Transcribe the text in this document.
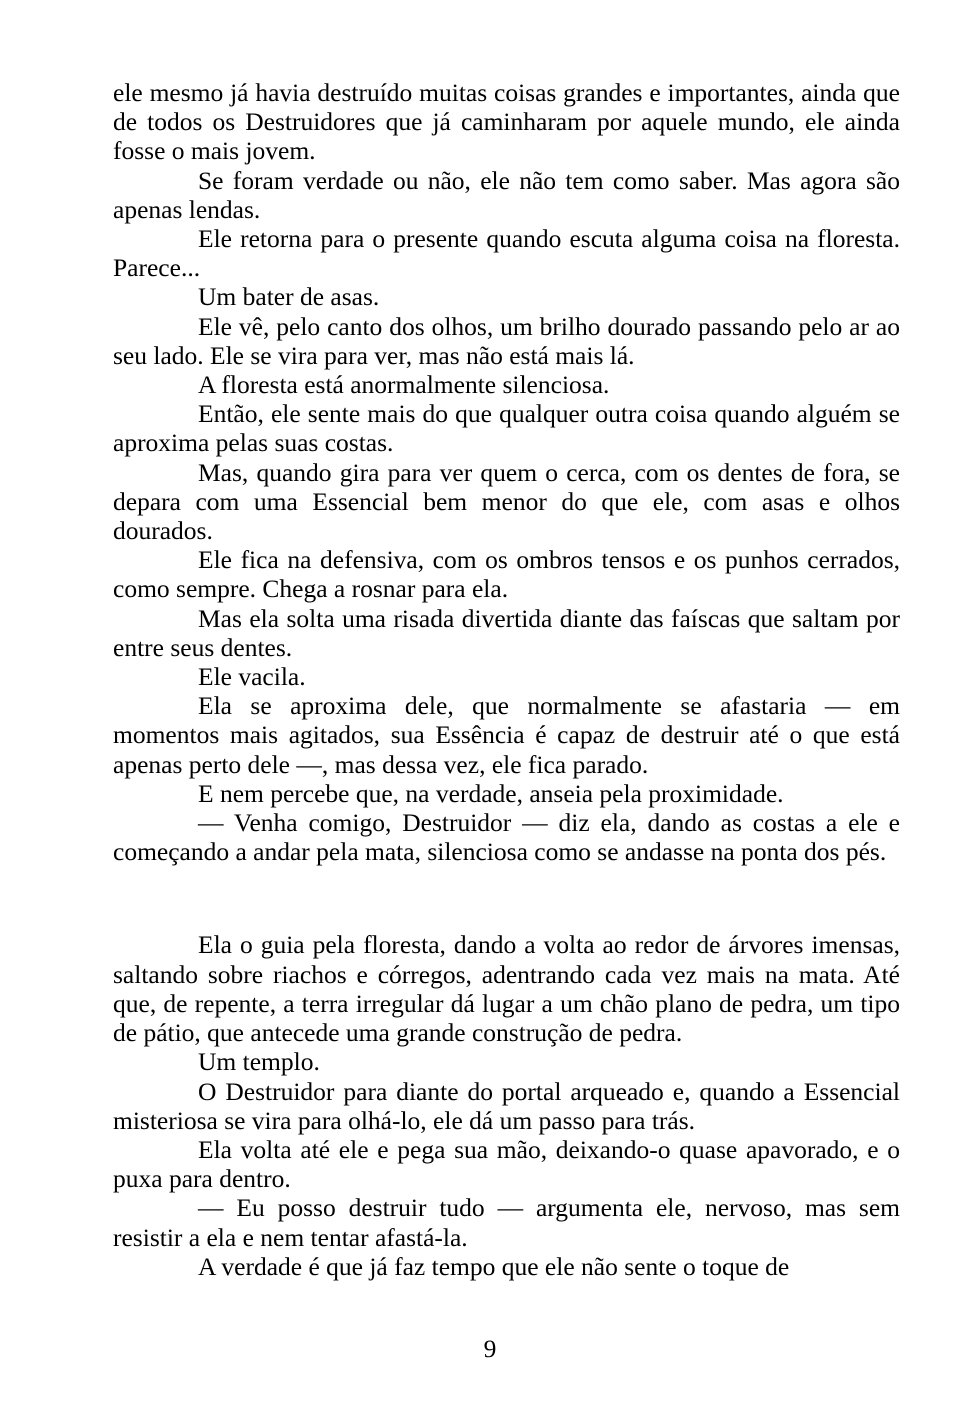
ele mesmo já havia destruído muitas coisas grandes e importantes, ainda que de todos os Destruidores que já caminharam por aquele mundo, ele ainda fosse o mais jovem.

Se foram verdade ou não, ele não tem como saber. Mas agora são apenas lendas.

Ele retorna para o presente quando escuta alguma coisa na floresta. Parece...

Um bater de asas.

Ele vê, pelo canto dos olhos, um brilho dourado passando pelo ar ao seu lado. Ele se vira para ver, mas não está mais lá.

A floresta está anormalmente silenciosa.

Então, ele sente mais do que qualquer outra coisa quando alguém se aproxima pelas suas costas.

Mas, quando gira para ver quem o cerca, com os dentes de fora, se depara com uma Essencial bem menor do que ele, com asas e olhos dourados.

Ele fica na defensiva, com os ombros tensos e os punhos cerrados, como sempre. Chega a rosnar para ela.

Mas ela solta uma risada divertida diante das faíscas que saltam por entre seus dentes.

Ele vacila.

Ela se aproxima dele, que normalmente se afastaria — em momentos mais agitados, sua Essência é capaz de destruir até o que está apenas perto dele —, mas dessa vez, ele fica parado.

E nem percebe que, na verdade, anseia pela proximidade.

— Venha comigo, Destruidor — diz ela, dando as costas a ele e começando a andar pela mata, silenciosa como se andasse na ponta dos pés.

Ela o guia pela floresta, dando a volta ao redor de árvores imensas, saltando sobre riachos e córregos, adentrando cada vez mais na mata. Até que, de repente, a terra irregular dá lugar a um chão plano de pedra, um tipo de pátio, que antecede uma grande construção de pedra.

Um templo.

O Destruidor para diante do portal arqueado e, quando a Essencial misteriosa se vira para olhá-lo, ele dá um passo para trás.

Ela volta até ele e pega sua mão, deixando-o quase apavorado, e o puxa para dentro.

— Eu posso destruir tudo — argumenta ele, nervoso, mas sem resistir a ela e nem tentar afastá-la.

A verdade é que já faz tempo que ele não sente o toque de

9
